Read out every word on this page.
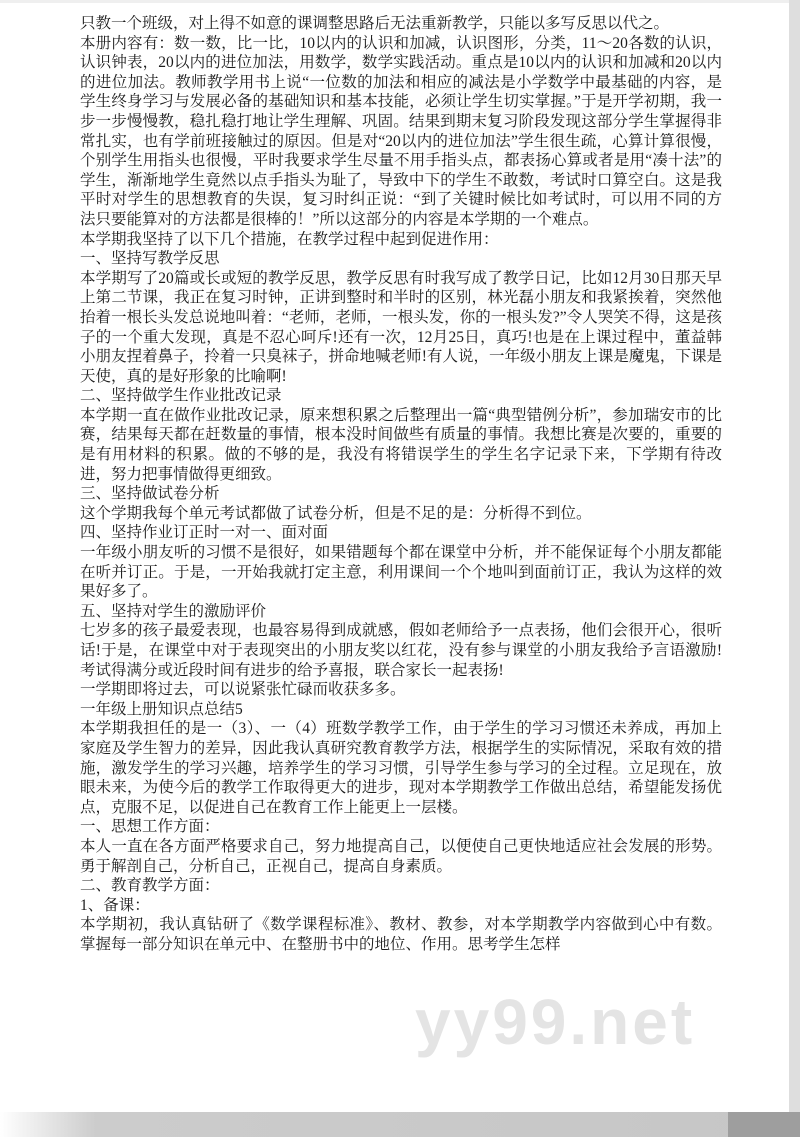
yy99.net

只教一个班级，对上得不如意的课调整思路后无法重新教学，只能以多写反思以代之。

本册内容有：数一数，比一比，10以内的认识和加减，认识图形，分类，11～20各数的认识，认识钟表，20以内的进位加法，用数学，数学实践活动。重点是10以内的认识和加减和20以内的进位加法。教师教学用书上说“一位数的加法和相应的减法是小学数学中最基础的内容，是学生终身学习与发展必备的基础知识和基本技能，必须让学生切实掌握。”于是开学初期，我一步一步慢慢教，稳扎稳打地让学生理解、巩固。结果到期末复习阶段发现这部分学生掌握得非常扎实，也有学前班接触过的原因。但是对“20以内的进位加法”学生很生疏，心算计算很慢，个别学生用指头也很慢，平时我要求学生尽量不用手指头点，都表扬心算或者是用“凑十法”的学生，渐渐地学生竟然以点手指头为耻了，导致中下的学生不敢数，考试时口算空白。这是我平时对学生的思想教育的失误，复习时纠正说：“到了关键时候比如考试时，可以用不同的方法只要能算对的方法都是很棒的！”所以这部分的内容是本学期的一个难点。

本学期我坚持了以下几个措施，在教学过程中起到促进作用：

一、坚持写教学反思

本学期写了20篇或长或短的教学反思，教学反思有时我写成了教学日记，比如12月30日那天早上第二节课，我正在复习时钟，正讲到整时和半时的区别，林光磊小朋友和我紧挨着，突然他抬着一根长头发总说地叫着：“老师，老师，一根头发，你的一根头发?”令人哭笑不得，这是孩子的一个重大发现，真是不忍心呵斥!还有一次，12月25日，真巧!也是在上课过程中，董益韩小朋友捏着鼻子，拎着一只臭袜子，拼命地喊老师!有人说，一年级小朋友上课是魔鬼，下课是天使，真的是好形象的比喻啊!

二、坚持做学生作业批改记录

本学期一直在做作业批改记录，原来想积累之后整理出一篇“典型错例分析”，参加瑞安市的比赛，结果每天都在赶数量的事情，根本没时间做些有质量的事情。我想比赛是次要的，重要的是有用材料的积累。做的不够的是，我没有将错误学生的学生名字记录下来，下学期有待改进，努力把事情做得更细致。

三、坚持做试卷分析

这个学期我每个单元考试都做了试卷分析，但是不足的是：分析得不到位。

四、坚持作业订正时一对一、面对面

一年级小朋友听的习惯不是很好，如果错题每个都在课堂中分析，并不能保证每个小朋友都能在听并订正。于是，一开始我就打定主意，利用课间一个个地叫到面前订正，我认为这样的效果好多了。

五、坚持对学生的激励评价

七岁多的孩子最爱表现，也最容易得到成就感，假如老师给予一点表扬，他们会很开心，很听话!于是，在课堂中对于表现突出的小朋友奖以红花，没有参与课堂的小朋友我给予言语激励!考试得满分或近段时间有进步的给予喜报，联合家长一起表扬!

一学期即将过去，可以说紧张忙碌而收获多多。

一年级上册知识点总结5

本学期我担任的是一（3）、一（4）班数学教学工作，由于学生的学习习惯还未养成，再加上家庭及学生智力的差异，因此我认真研究教育教学方法，根据学生的实际情况，采取有效的措施，激发学生的学习兴趣，培养学生的学习习惯，引导学生参与学习的全过程。立足现在，放眼未来，为使今后的教学工作取得更大的进步，现对本学期教学工作做出总结，希望能发扬优点，克服不足，以促进自己在教育工作上能更上一层楼。

一、思想工作方面：

本人一直在各方面严格要求自己，努力地提高自己，以便使自己更快地适应社会发展的形势。勇于解剖自己，分析自己，正视自己，提高自身素质。

二、教育教学方面：

1、备课：

本学期初，我认真钻研了《数学课程标准》、教材、教参，对本学期教学内容做到心中有数。掌握每一部分知识在单元中、在整册书中的地位、作用。思考学生怎样
